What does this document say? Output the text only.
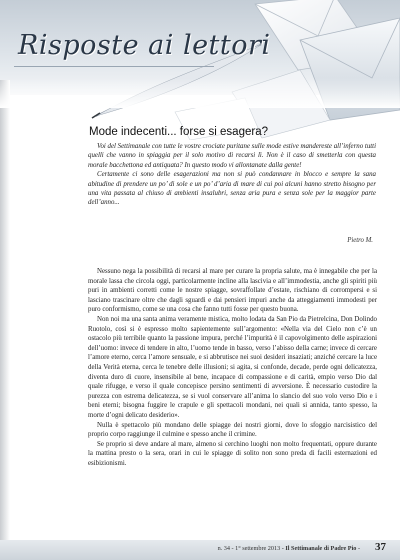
Risposte ai lettori
Mode indecenti... forse si esagera?

Voi del Settimanale con tutte le vostre crociate puritane sulle mode estive mandereste all’inferno tutti quelli che vanno in spiaggia per il solo motivo di recarsi lì. Non è il caso di smetterla con questa morale bacchettona ed antiquata? In questo modo vi allontanate dalla gente!

Certamente ci sono delle esagerazioni ma non si può condannare in blocco e sempre la sana abitudine di prendere un po’ di sole e un po’ d’aria di mare di cui poi alcuni hanno stretto bisogno per una vita passata al chiuso di ambienti insalubri, senza aria pura e senza sole per la maggior parte dell’anno...

Pietro M.

Nessuno nega la possibilità di recarsi al mare per curare la propria salute, ma è innegabile che per la morale lassa che circola oggi, particolarmente incline alla lascivia e all’immodestia, anche gli spiriti più puri in ambienti corretti come le nostre spiagge, sovraffollate d’estate, rischiano di corrompersi e si lasciano trascinare oltre che dagli sguardi e dai pensieri impuri anche da atteggiamenti immodesti per puro conformismo, come se una cosa che fanno tutti fosse per questo buona.

Non noi ma una santa anima veramente mistica, molto lodata da San Pio da Pietrelcina, Don Dolindo Ruotolo, così si è espresso molto sapientemente sull’argomento: «Nella via del Cielo non c’è un ostacolo più terribile quanto la passione impura, perché l’impurità è il capovolgimento delle aspirazioni dell’uomo: invece di tendere in alto, l’uomo tende in basso, verso l’abisso della carne; invece di cercare l’amore eterno, cerca l’amore sensuale, e si abbrutisce nei suoi desideri insaziati; anziché cercare la luce della Verità eterna, cerca le tenebre delle illusioni; si agita, si confonde, decade, perde ogni delicatezza, diventa duro di cuore, insensibile al bene, incapace di compassione e di carità, empio verso Dio dal quale rifugge, e verso il quale concepisce persino sentimenti di avversione. È necessario custodire la purezza con estrema delicatezza, se si vuol conservare all’anima lo slancio del suo volo verso Dio e i beni eterni; bisogna fuggire le crapule e gli spettacoli mondani, nei quali si annida, tanto spesso, la morte d’ogni delicato desiderio».

Nulla è spettacolo più mondano delle spiagge dei nostri giorni, dove lo sfoggio narcisistico del proprio corpo raggiunge il culmine e spesso anche il crimine.

Se proprio si deve andare al mare, almeno si cerchino luoghi non molto frequentati, oppure durante la mattina presto o la sera, orari in cui le spiagge di solito non sono preda di facili esternazioni ed esibizionismi.

n. 34 - 1° settembre 2013 - Il Settimanale di Padre Pio - 37
